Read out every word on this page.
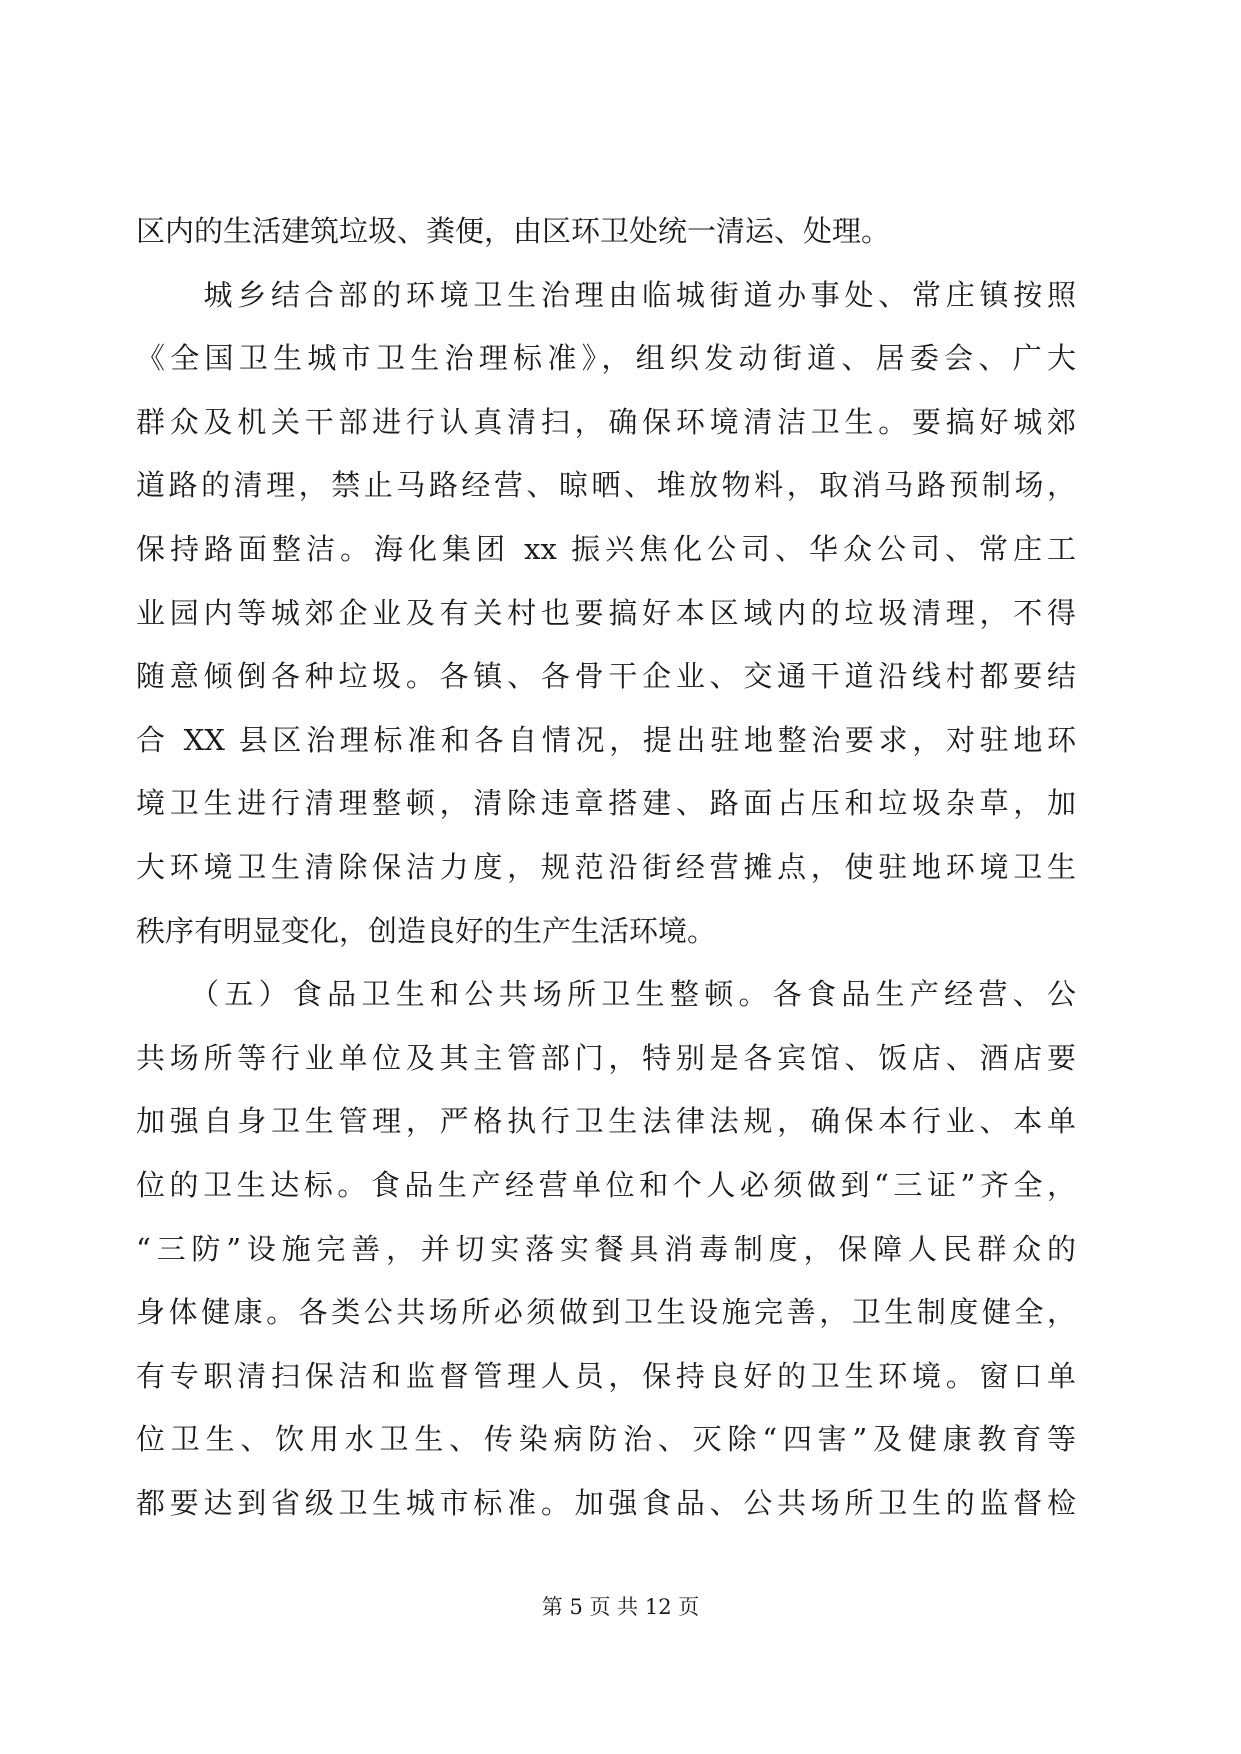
区内的生活建筑垃圾、粪便，由区环卫处统一清运、处理。
　　城乡结合部的环境卫生治理由临城街道办事处、常庄镇按照
《全国卫生城市卫生治理标准》，组织发动街道、居委会、广大
群众及机关干部进行认真清扫，确保环境清洁卫生。要搞好城郊
道路的清理，禁止马路经营、晾晒、堆放物料，取消马路预制场，
保持路面整洁。海化集团 xx 振兴焦化公司、华众公司、常庄工
业园内等城郊企业及有关村也要搞好本区域内的垃圾清理，不得
随意倾倒各种垃圾。各镇、各骨干企业、交通干道沿线村都要结
合 XX 县区治理标准和各自情况，提出驻地整治要求，对驻地环
境卫生进行清理整顿，清除违章搭建、路面占压和垃圾杂草，加
大环境卫生清除保洁力度，规范沿街经营摊点，使驻地环境卫生
秩序有明显变化，创造良好的生产生活环境。
　　（五）食品卫生和公共场所卫生整顿。各食品生产经营、公
共场所等行业单位及其主管部门，特别是各宾馆、饭店、酒店要
加强自身卫生管理，严格执行卫生法律法规，确保本行业、本单
位的卫生达标。食品生产经营单位和个人必须做到“三证”齐全，
“三防”设施完善，并切实落实餐具消毒制度，保障人民群众的
身体健康。各类公共场所必须做到卫生设施完善，卫生制度健全，
有专职清扫保洁和监督管理人员，保持良好的卫生环境。窗口单
位卫生、饮用水卫生、传染病防治、灭除“四害”及健康教育等
都要达到省级卫生城市标准。加强食品、公共场所卫生的监督检
第 5 页 共 12 页
